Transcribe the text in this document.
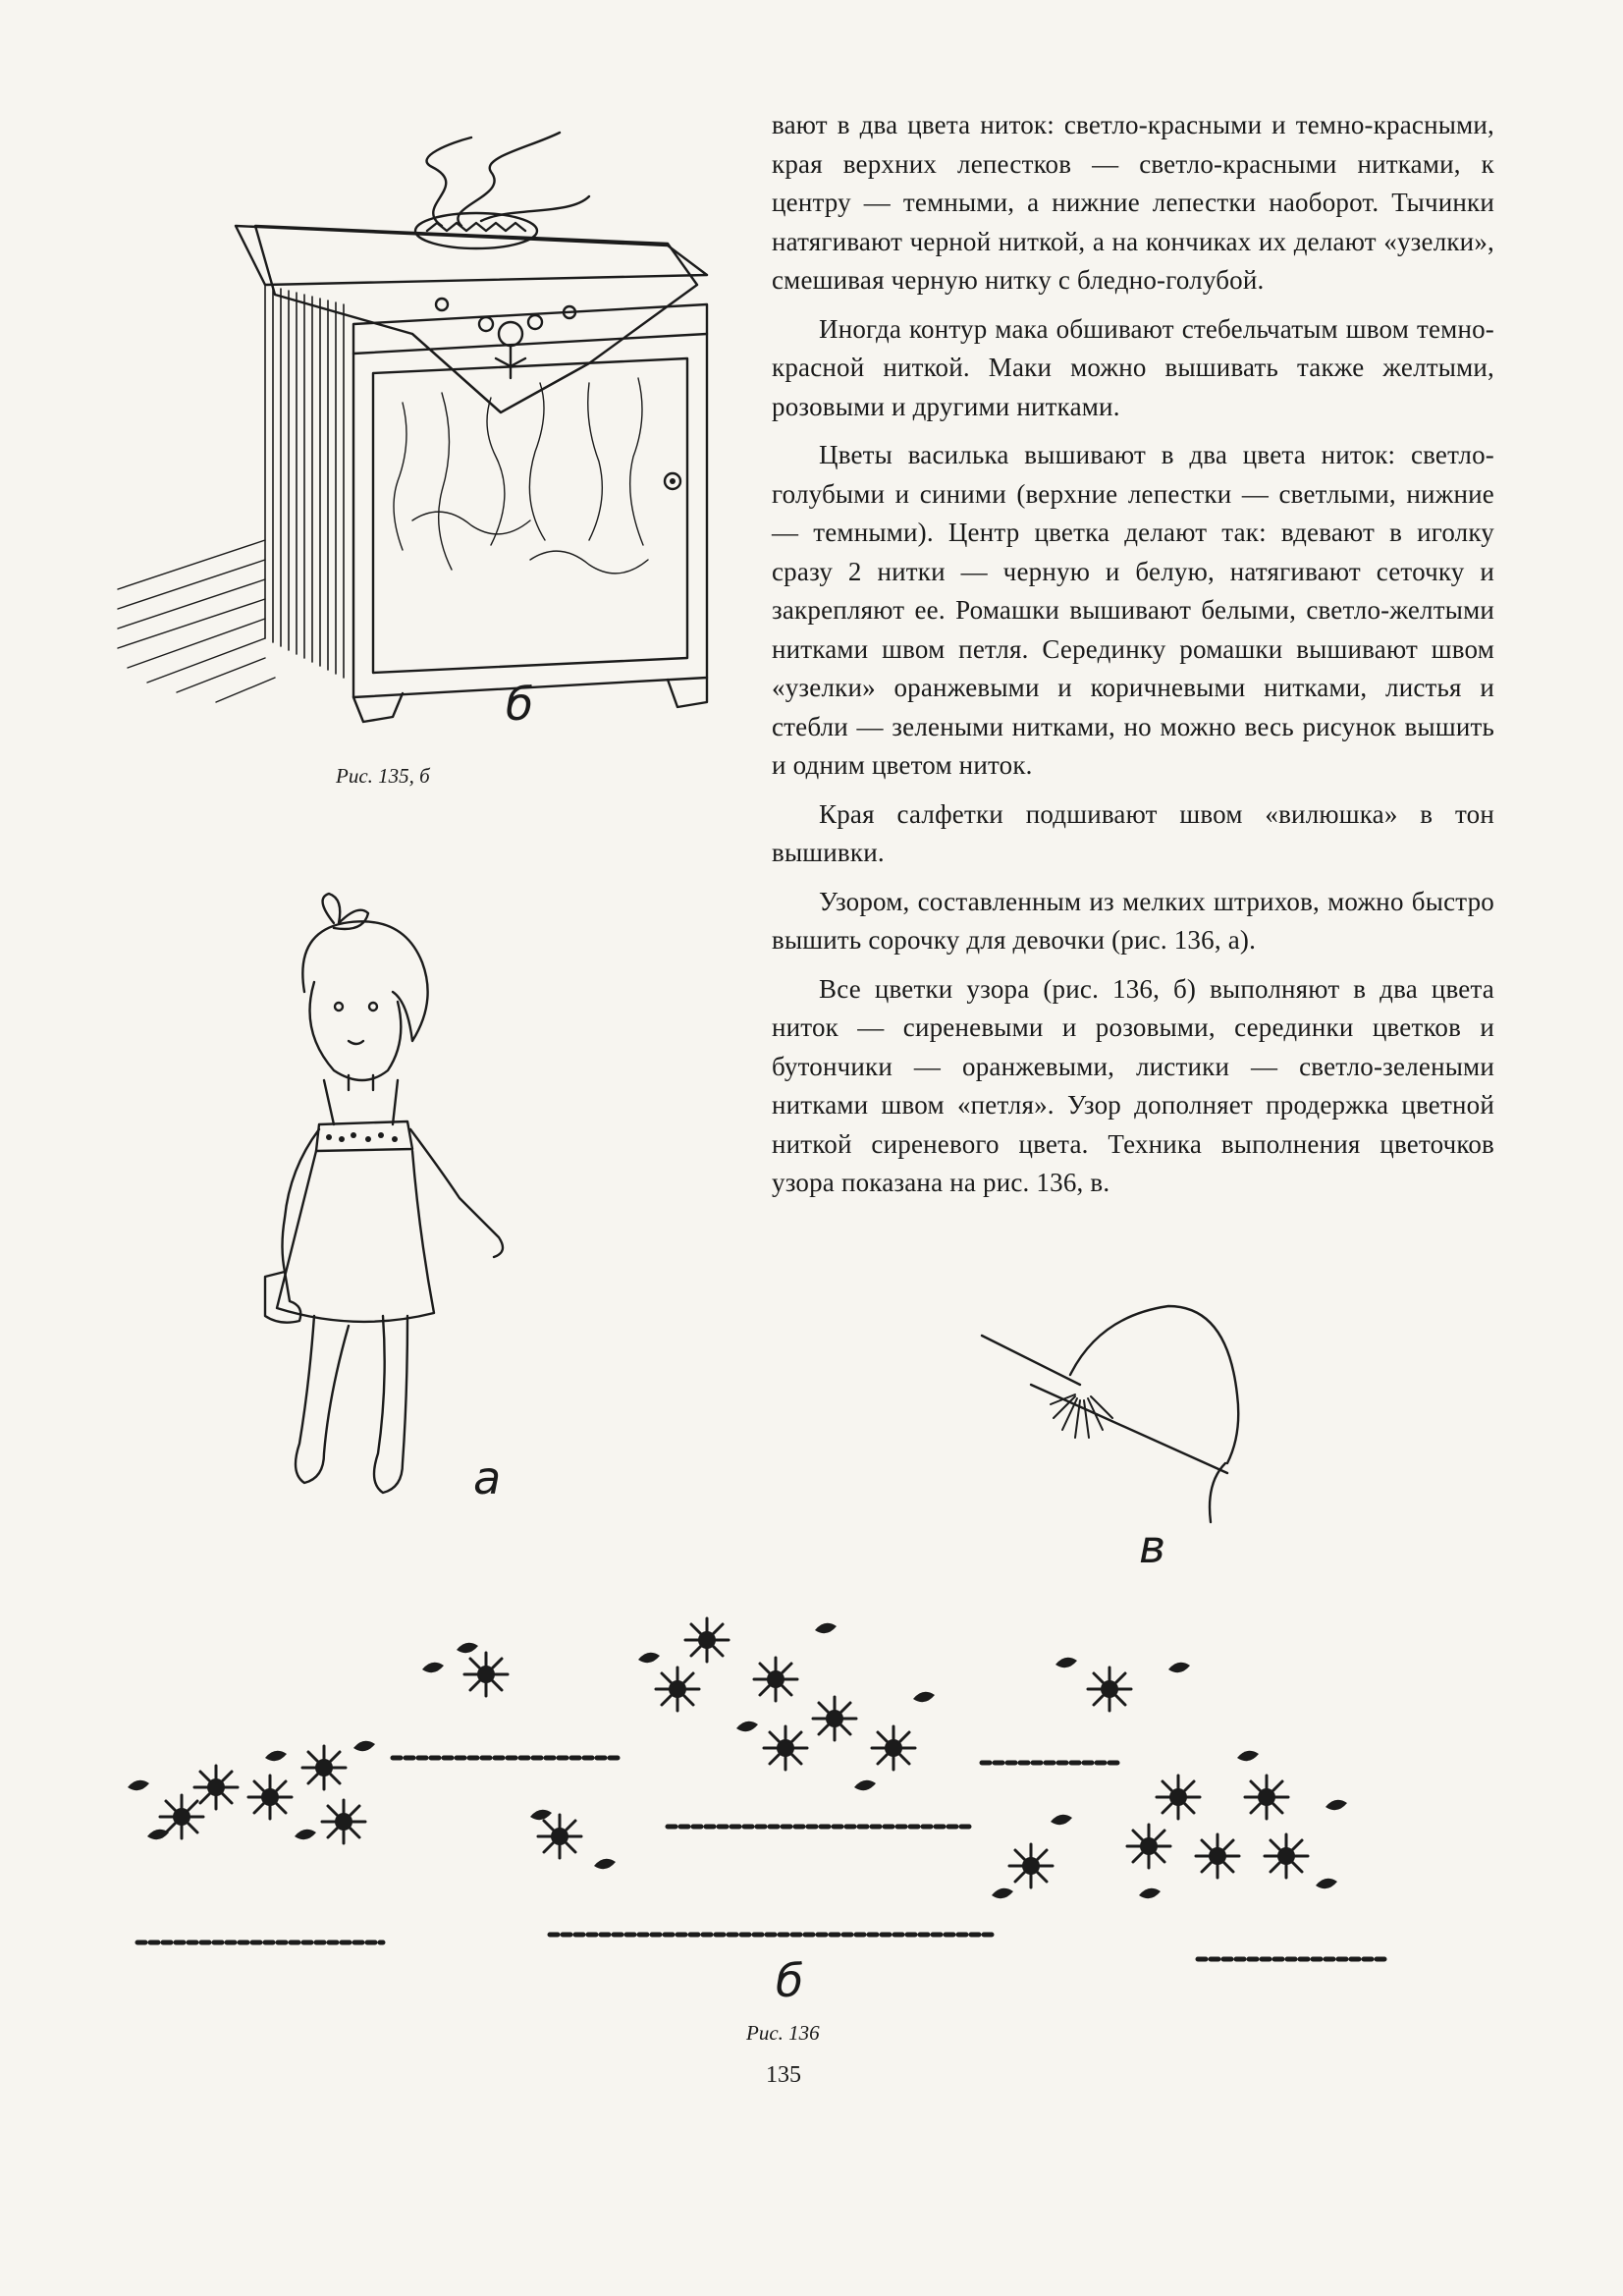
б
Рис. 135, б

вают в два цвета ниток: светло-красными и темно-красными, края верхних лепестков — светло-красными нитками, к центру — темными, а нижние лепестки наоборот. Тычинки натягивают черной ниткой, а на кончиках их делают «узелки», смешивая черную нитку с бледно-голубой.

Иногда контур мака обшивают стебельчатым швом темно-красной ниткой. Маки можно вышивать также желтыми, розовыми и другими нитками.

Цветы василька вышивают в два цвета ниток: светло-голубыми и синими (верхние лепестки — светлыми, нижние — темными). Центр цветка делают так: вдевают в иголку сразу 2 нитки — черную и белую, натягивают сеточку и закрепляют ее. Ромашки вышивают белыми, светло-желтыми нитками швом петля. Серединку ромашки вышивают швом «узелки» оранжевыми и коричневыми нитками, листья и стебли — зелеными нитками, но можно весь рисунок вышить и одним цветом ниток.

Края салфетки подшивают швом «вилюшка» в тон вышивки.

Узором, составленным из мелких штрихов, можно быстро вышить сорочку для девочки (рис. 136, а).

Все цветки узора (рис. 136, б) выполняют в два цвета ниток — сиреневыми и розовыми, серединки цветков и бутончики — оранжевыми, листики — светло-зелеными нитками швом «петля». Узор дополняет продержка цветной ниткой сиреневого цвета. Техника выполнения цветочков узора показана на рис. 136, в.

а
в
б
Рис. 136
135
